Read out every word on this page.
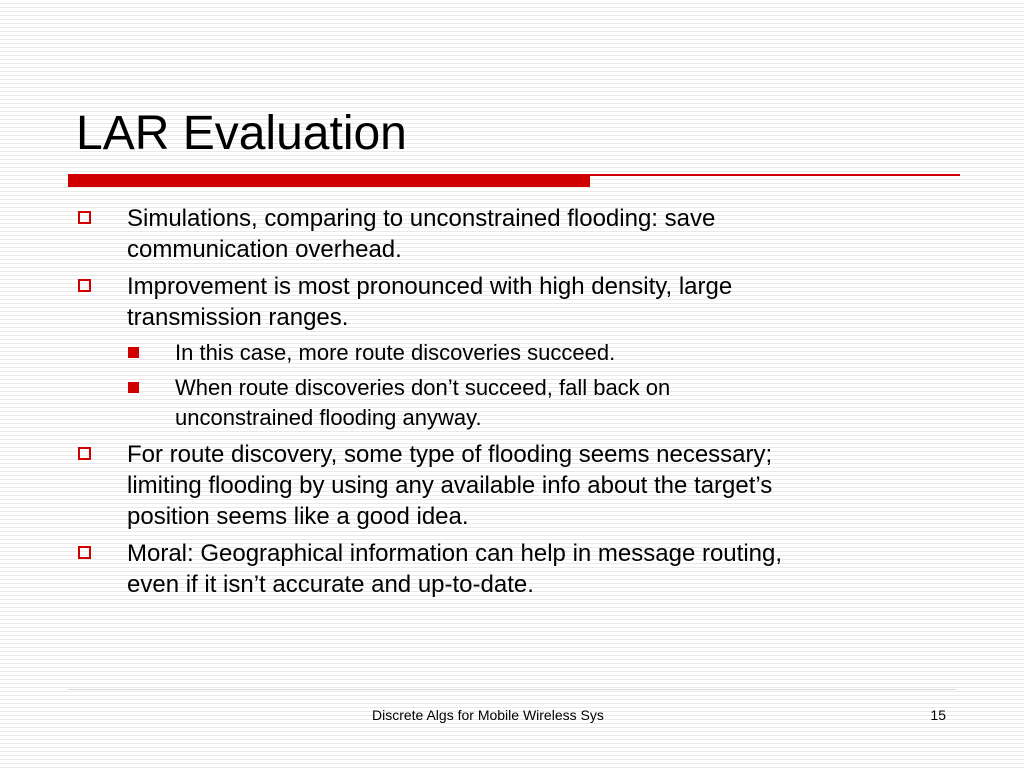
LAR Evaluation
Simulations, comparing to unconstrained flooding: save
communication overhead.
Improvement is most pronounced with high density, large
transmission ranges.
In this case, more route discoveries succeed.
When route discoveries don’t succeed, fall back on
unconstrained flooding anyway.
For route discovery, some type of flooding seems necessary;
limiting flooding by using any available info about the target’s
position seems like a good idea.
Moral: Geographical information can help in message routing,
even if it isn’t accurate and up-to-date.
Discrete Algs for Mobile Wireless Sys	15
